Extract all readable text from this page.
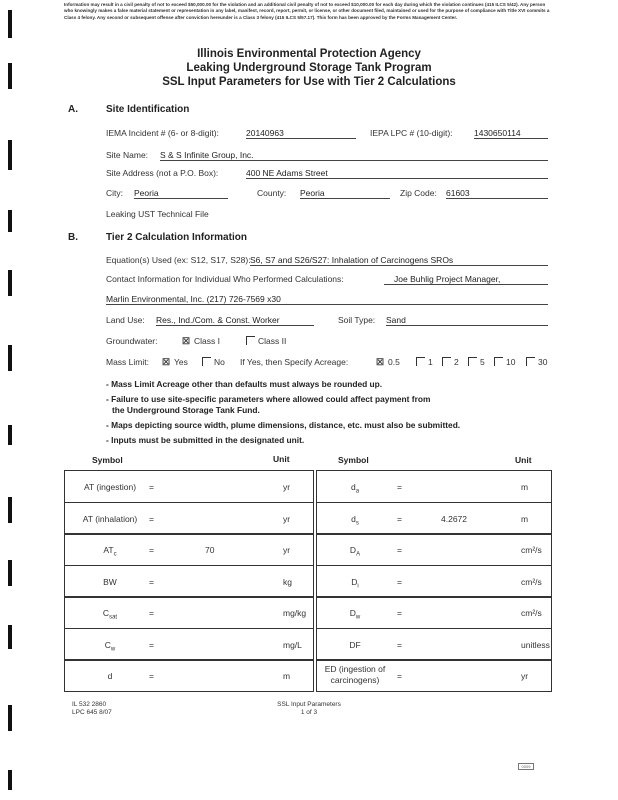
Information may result in a civil penalty of not to exceed $50,000.00 for the violation and an additional civil penalty of not to exceed $10,000.00 for each day during which the violation continues (415 ILCS 5/42). Any person who knowingly makes a false material statement or representation in any label, manifest, record, report, permit, or license, or other document filed, maintained or used for the purpose of compliance with Title XVI commits a Class 4 felony. Any second or subsequent offense after conviction hereunder is a Class 3 felony (415 ILCS 5/57.17). This form has been approved by the Forms Management Center.
Illinois Environmental Protection Agency
Leaking Underground Storage Tank Program
SSL Input Parameters for Use with Tier 2 Calculations
A.	Site Identification
IEMA Incident # (6- or 8-digit):	20140963	IEPA LPC # (10-digit):	1430650114
Site Name: S & S Infinite Group, Inc.
Site Address (not a P.O. Box):	400 NE Adams Street
City: Peoria	County: Peoria	Zip Code: 61603
Leaking UST Technical File
B.	Tier 2 Calculation Information
Equation(s) Used (ex: S12, S17, S28): S6, S7 and S26/S27: Inhalation of Carcinogens SROs
Contact Information for Individual Who Performed Calculations:	Joe Buhlig Project Manager,
Marlin Environmental, Inc. (217) 726-7569 x30
Land Use: Res., Ind./Com. & Const. Worker	Soil Type: Sand
Groundwater:	☒ Class I	Class II
Mass Limit: ☒ Yes	No If Yes, then Specify Acreage:	☒ 0.5	1	2	5	10	30
- Mass Limit Acreage other than defaults must always be rounded up.
- Failure to use site-specific parameters where allowed could affect payment from
the Underground Storage Tank Fund.
- Maps depicting source width, plume dimensions, distance, etc. must also be submitted.
- Inputs must be submitted in the designated unit.
Symbol	Unit	Symbol	Unit
AT (ingestion)	=	yr
AT (inhalation)	=	yr
$AT_c$	=	70	yr
BW	=	kg
$C_{sat}$	=	mg/kg
$C_w$	=	mg/L
d	=	m
$d_a$	=	m
$d_s$	=	4.2672	m
$D_A$	=	cm²/s
$D_i$	=	cm²/s
$D_w$	=	cm²/s
DF	=	unitless
ED (ingestion of carcinogens)	=	yr
IL 532 2860
LPC 645 8/07
SSL Input Parameters
1 of 3
0009
